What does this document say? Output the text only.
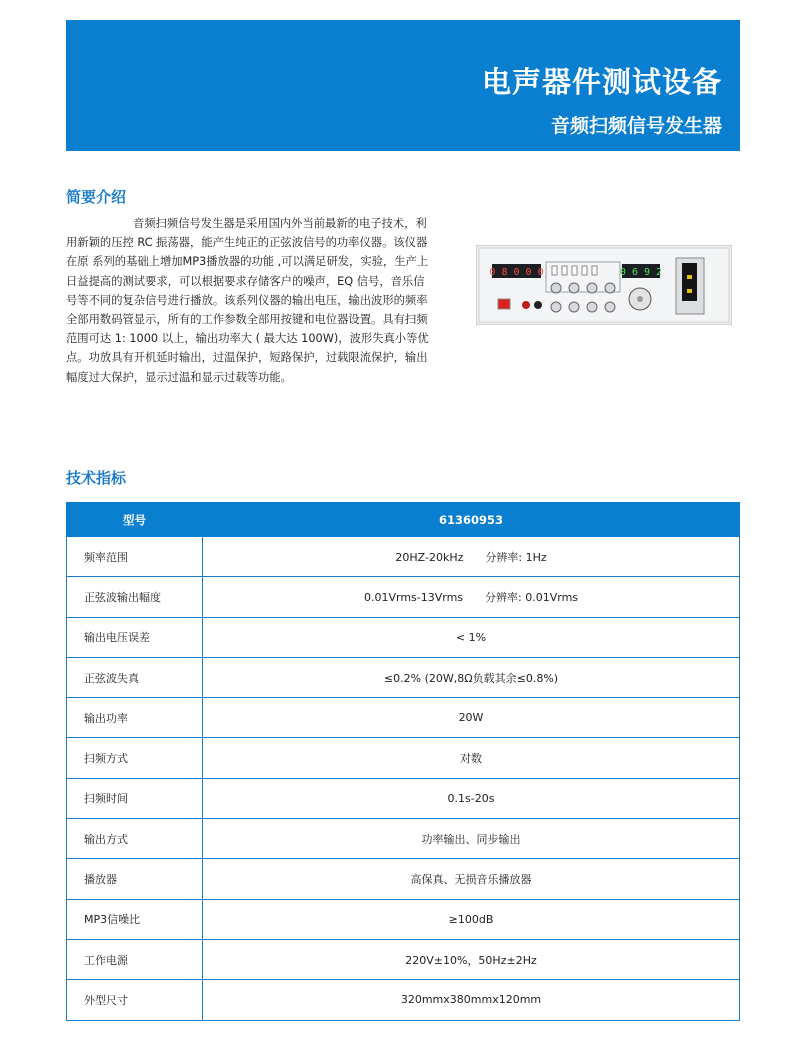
电声器件测试设备
音频扫频信号发生器
简要介绍

音频扫频信号发生器是采用国内外当前最新的电子技术，利用新颖的压控 RC 振荡器，能产生纯正的正弦波信号的功率仪器。该仪器在原 系列的基础上增加MP3播放器的功能 ,可以满足研发，实验，生产上日益提高的测试要求，可以根据要求存储客户的噪声，EQ 信号，音乐信号等不同的复杂信号进行播放。该系列仪器的输出电压，输出波形的频率全部用数码管显示，所有的工作参数全部用按键和电位器设置。具有扫频范围可达 1: 1000 以上，输出功率大 ( 最大达 100W)，波形失真小等优点。功放具有开机延时输出，过温保护，短路保护，过载限流保护，输出幅度过大保护，显示过温和显示过载等功能。

0 8 0 0 0	0 6 9 2
技术指标
型号	61360953
频率范围	20HZ-20kHz 分辨率: 1Hz
正弦波输出幅度	0.01Vrms-13Vrms 分辨率: 0.01Vrms
输出电压误差	< 1%
正弦波失真	≤0.2% (20W,8Ω负载其余≤0.8%)
输出功率	20W
扫频方式	对数
扫频时间	0.1s-20s
输出方式	功率输出、同步输出
播放器	高保真、无损音乐播放器
MP3信噪比	≥100dB
工作电源	220V±10%，50Hz±2Hz
外型尺寸	320mmx380mmx120mm
